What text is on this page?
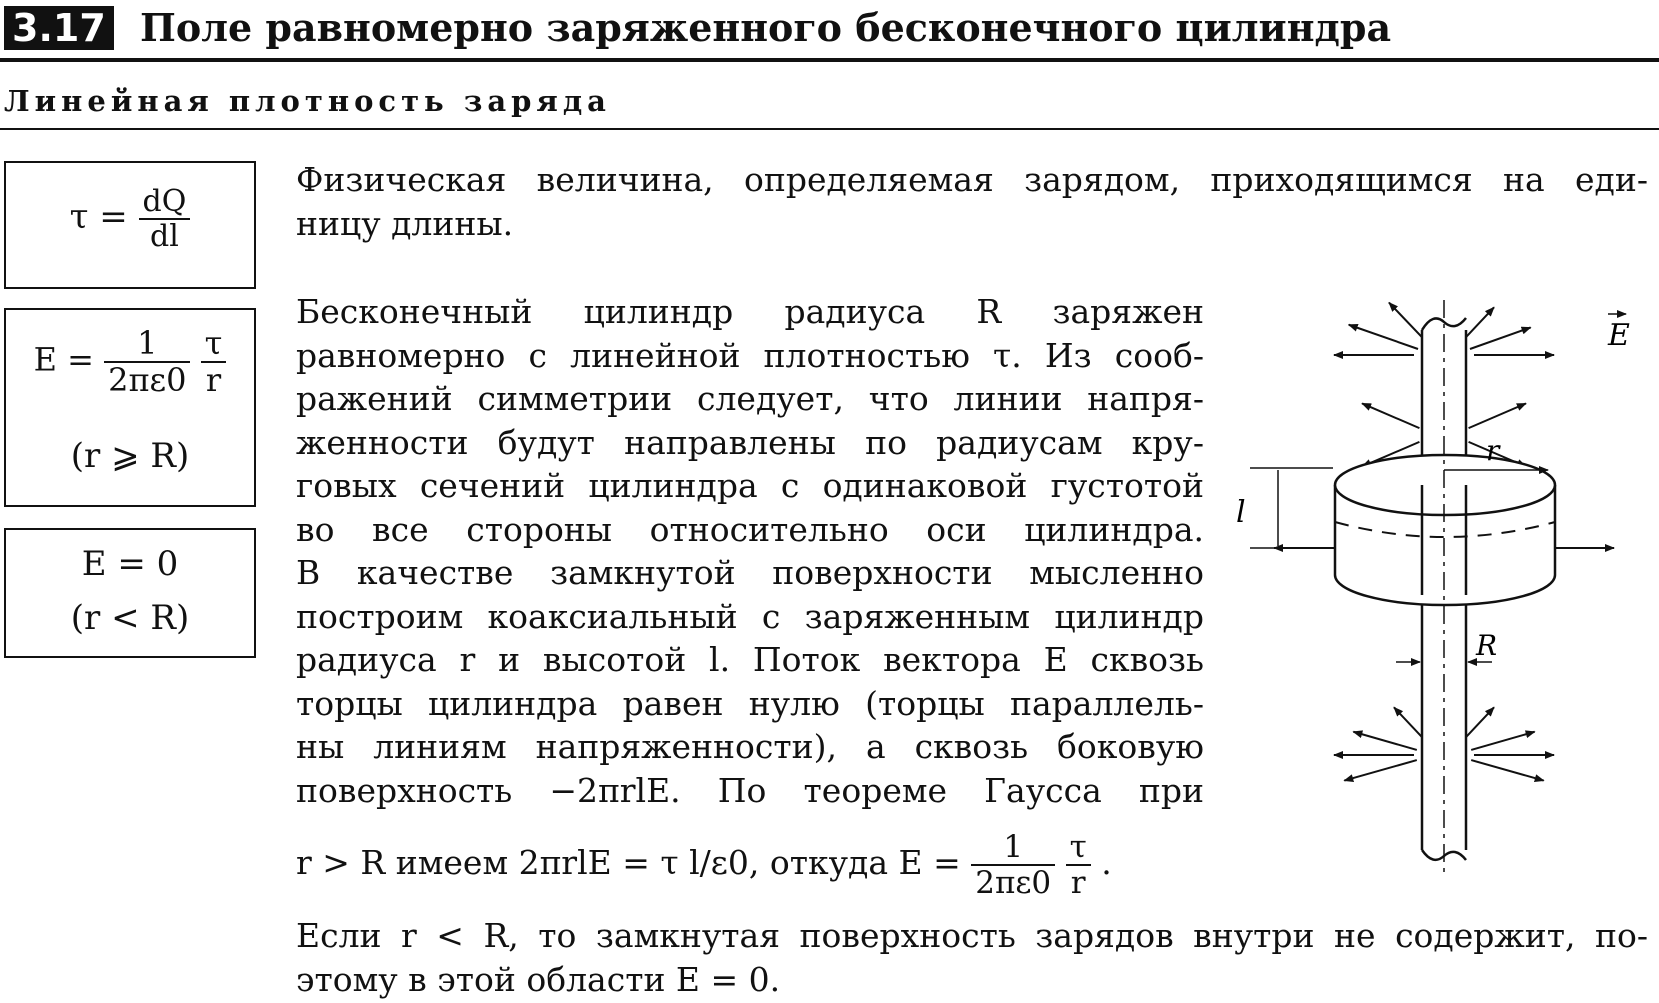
3.17 Поле равномерно заряженного бесконечного цилиндра
Линейная плотность заряда
$\tau = \frac{dQ}{dl}$
$E = \frac{1}{2\pi\varepsilon 0}$
$\frac{\tau}{r}$
(r ⩾ R)
E = 0
(r < R)
Физическая величина, определяемая зарядом, приходящимся на еди-
ницу длины.
Бесконечный цилиндр радиуса R заряжен
равномерно с линейной плотностью τ. Из сооб-
ражений симметрии следует, что линии напря-
женности будут направлены по радиусам кру-
говых сечений цилиндра с одинаковой густотой
во все стороны относительно оси цилиндра.
В качестве замкнутой поверхности мысленно
построим коаксиальный с заряженным цилиндр
радиуса r и высотой l. Поток вектора E сквозь
торцы цилиндра равен нулю (торцы параллель-
ны линиям напряженности), а сквозь боковую
поверхность −2πrlE. По теореме Гаусса при
r > R имеем 2πrlE = τ l/ε0, откуда $E = \frac{1}{2\pi\varepsilon 0}$
$\frac{\tau}{r}$ .
Если r < R, то замкнутая поверхность зарядов внутри не содержит, по-
этому в этой области E = 0.
E
r
l
R
